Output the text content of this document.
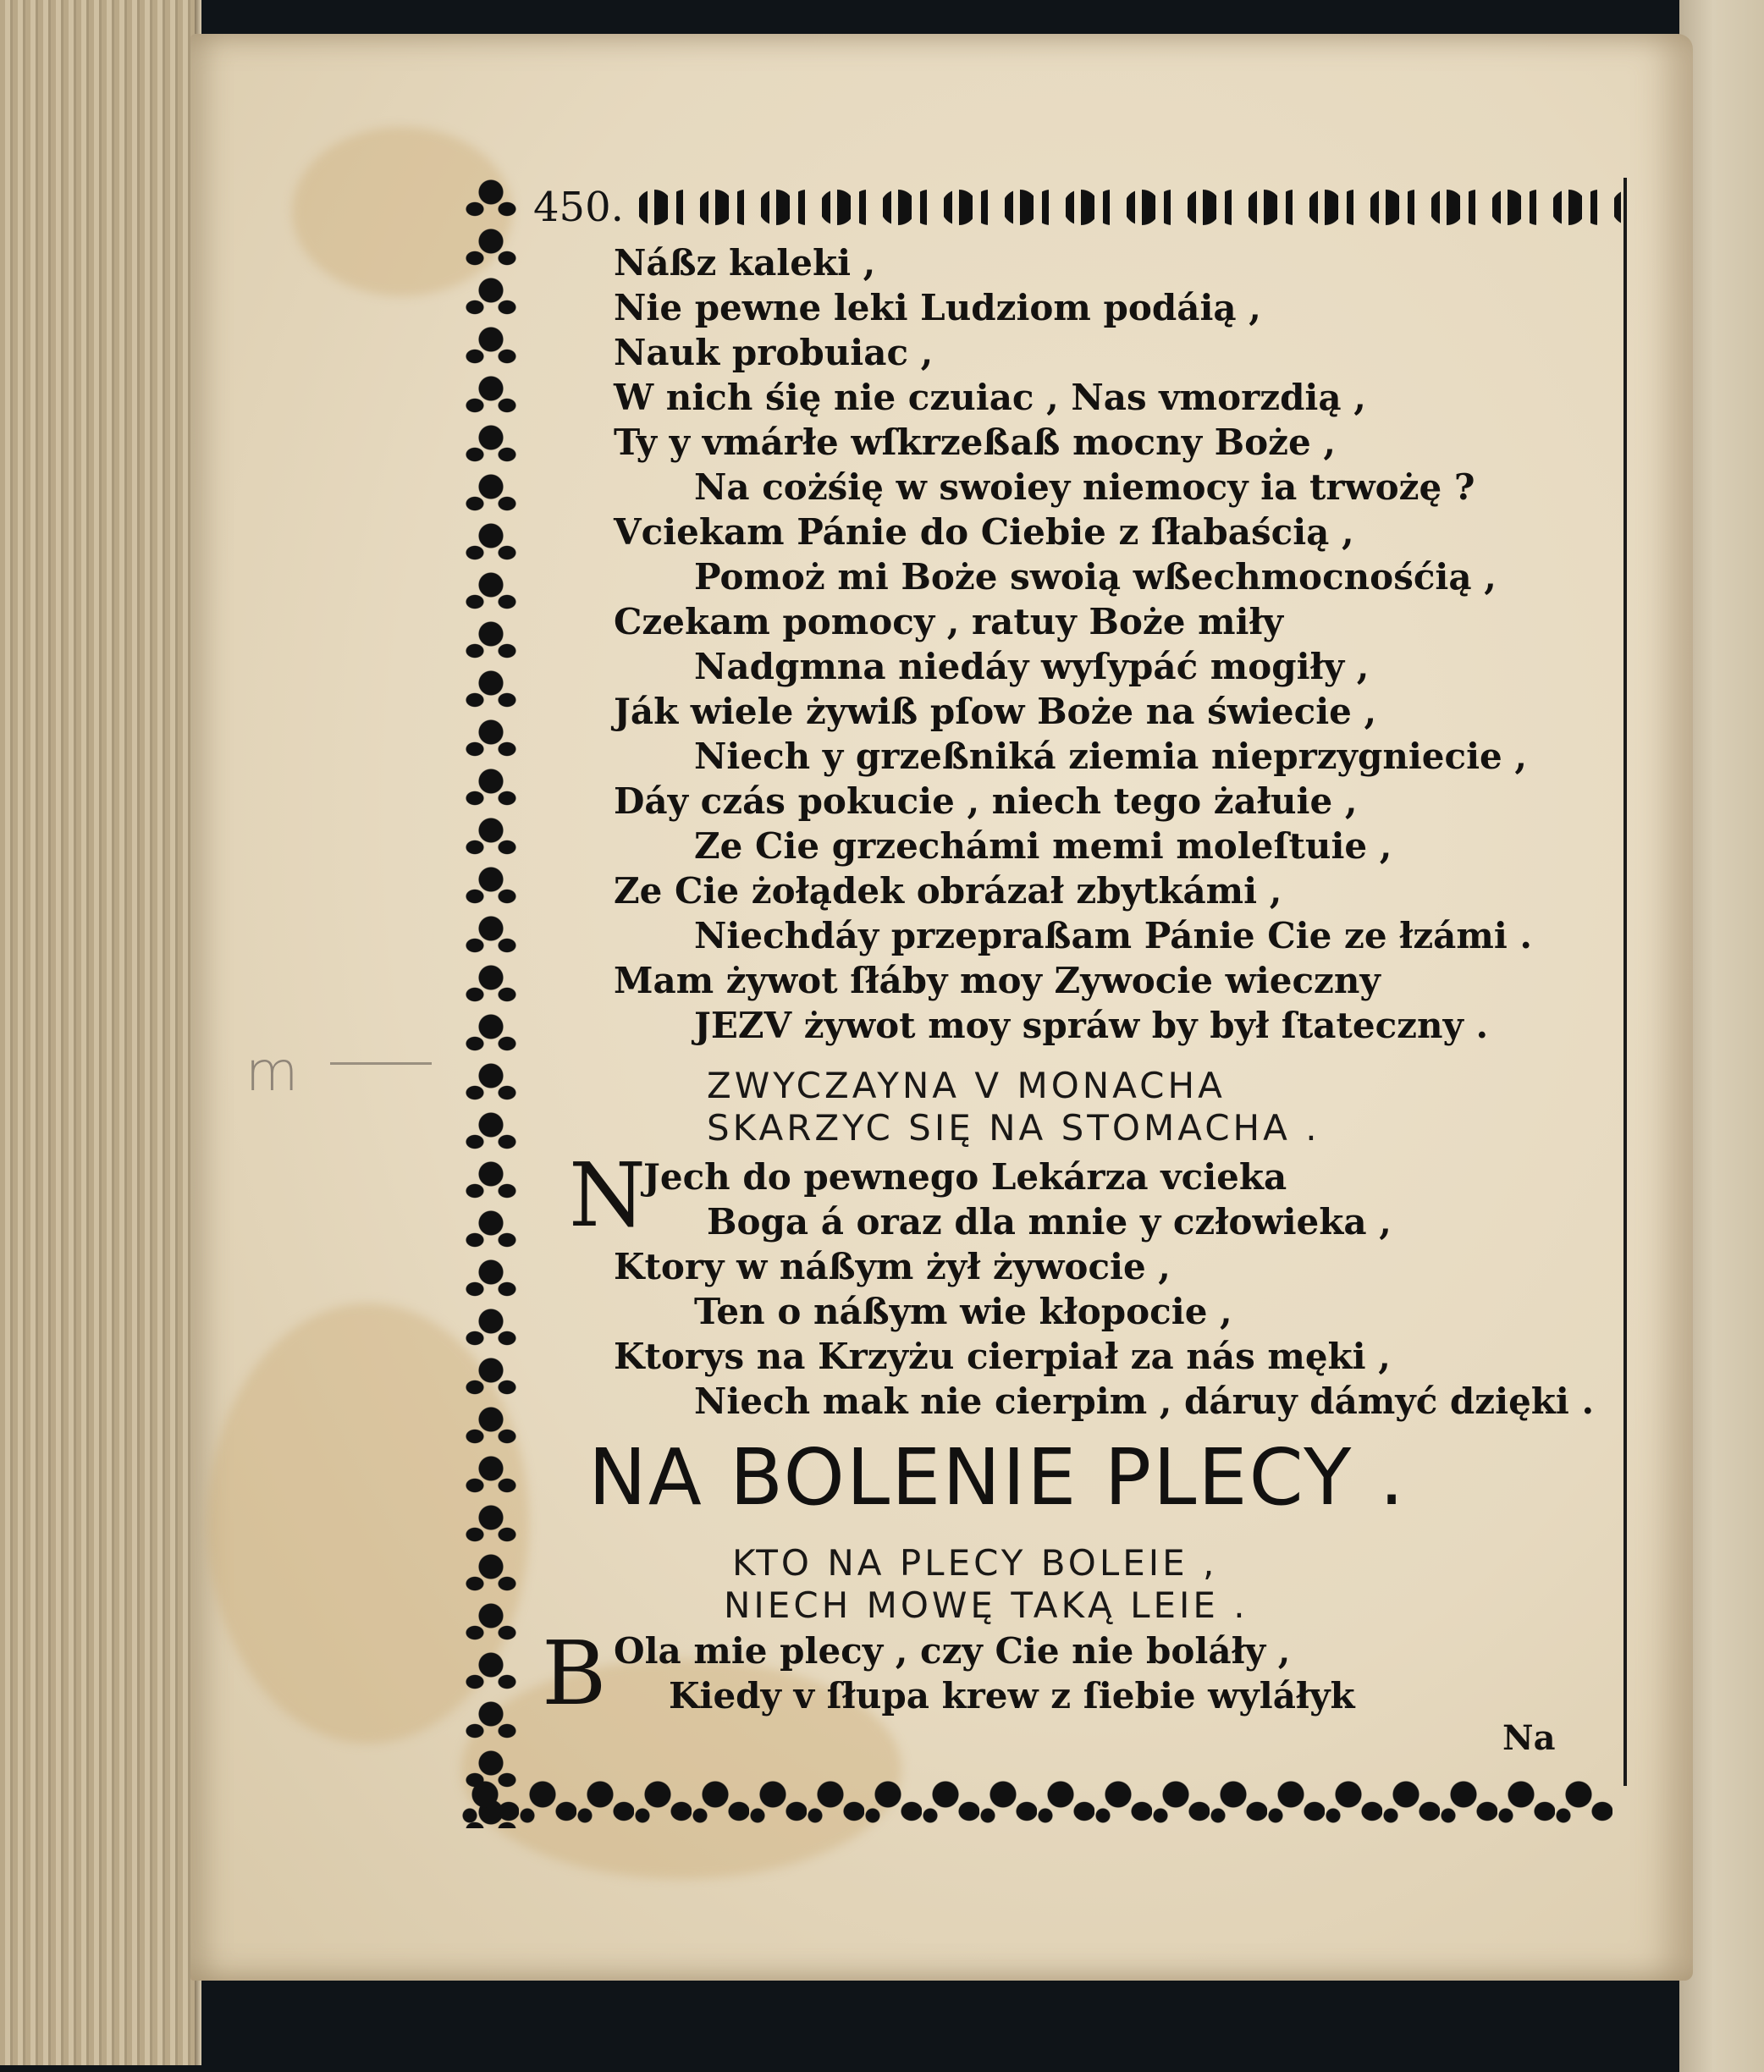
m
450.
Náßz kaleki ,
Nie pewne leki Ludziom podáią ,
Nauk probuiac ,
W nich śię nie czuiac , Nas vmorzdią ,
Ty y vmárłe wſkrzeßaß mocny Boże ,
Na cożśię w swoiey niemocy ia trwożę ?
Vciekam Pánie do Ciebie z ſłabaścią ,
Pomoż mi Boże swoią wßechmocnośćią ,
Czekam pomocy , ratuy Boże miły
Nadgmna niedáy wyſypáć mogiły ,
Ják wiele żywiß pſow Boże na świecie ,
Niech y grzeßniká ziemia nieprzygniecie ,
Dáy czás pokucie , niech tego żałuie ,
Ze Cie grzechámi memi moleſtuie ,
Ze Cie żołądek obrázał zbytkámi ,
Niechdáy przepraßam Pánie Cie ze łzámi .
Mam żywot ſłáby moy Zywocie wieczny
JEZV żywot moy spráw by był ſtateczny .
ZWYCZAYNA V MONACHA
SKARZYC SIĘ NA STOMACHA .
N
Jech do pewnego Lekárza vcieka
Boga á oraz dla mnie y człowieka ,
Ktory w náßym żył żywocie ,
Ten o náßym wie kłopocie ,
Ktorys na Krzyżu cierpiał za nás męki ,
Niech mak nie cierpim , dáruy dámyć dzięki .
NA BOLENIE PLECY .
KTO NA PLECY BOLEIE ,
NIECH MOWĘ TAKĄ LEIE .
B Ola mie plecy , czy Cie nie boláły ,
Kiedy v ſłupa krew z ſiebie wyláłyk
Na
